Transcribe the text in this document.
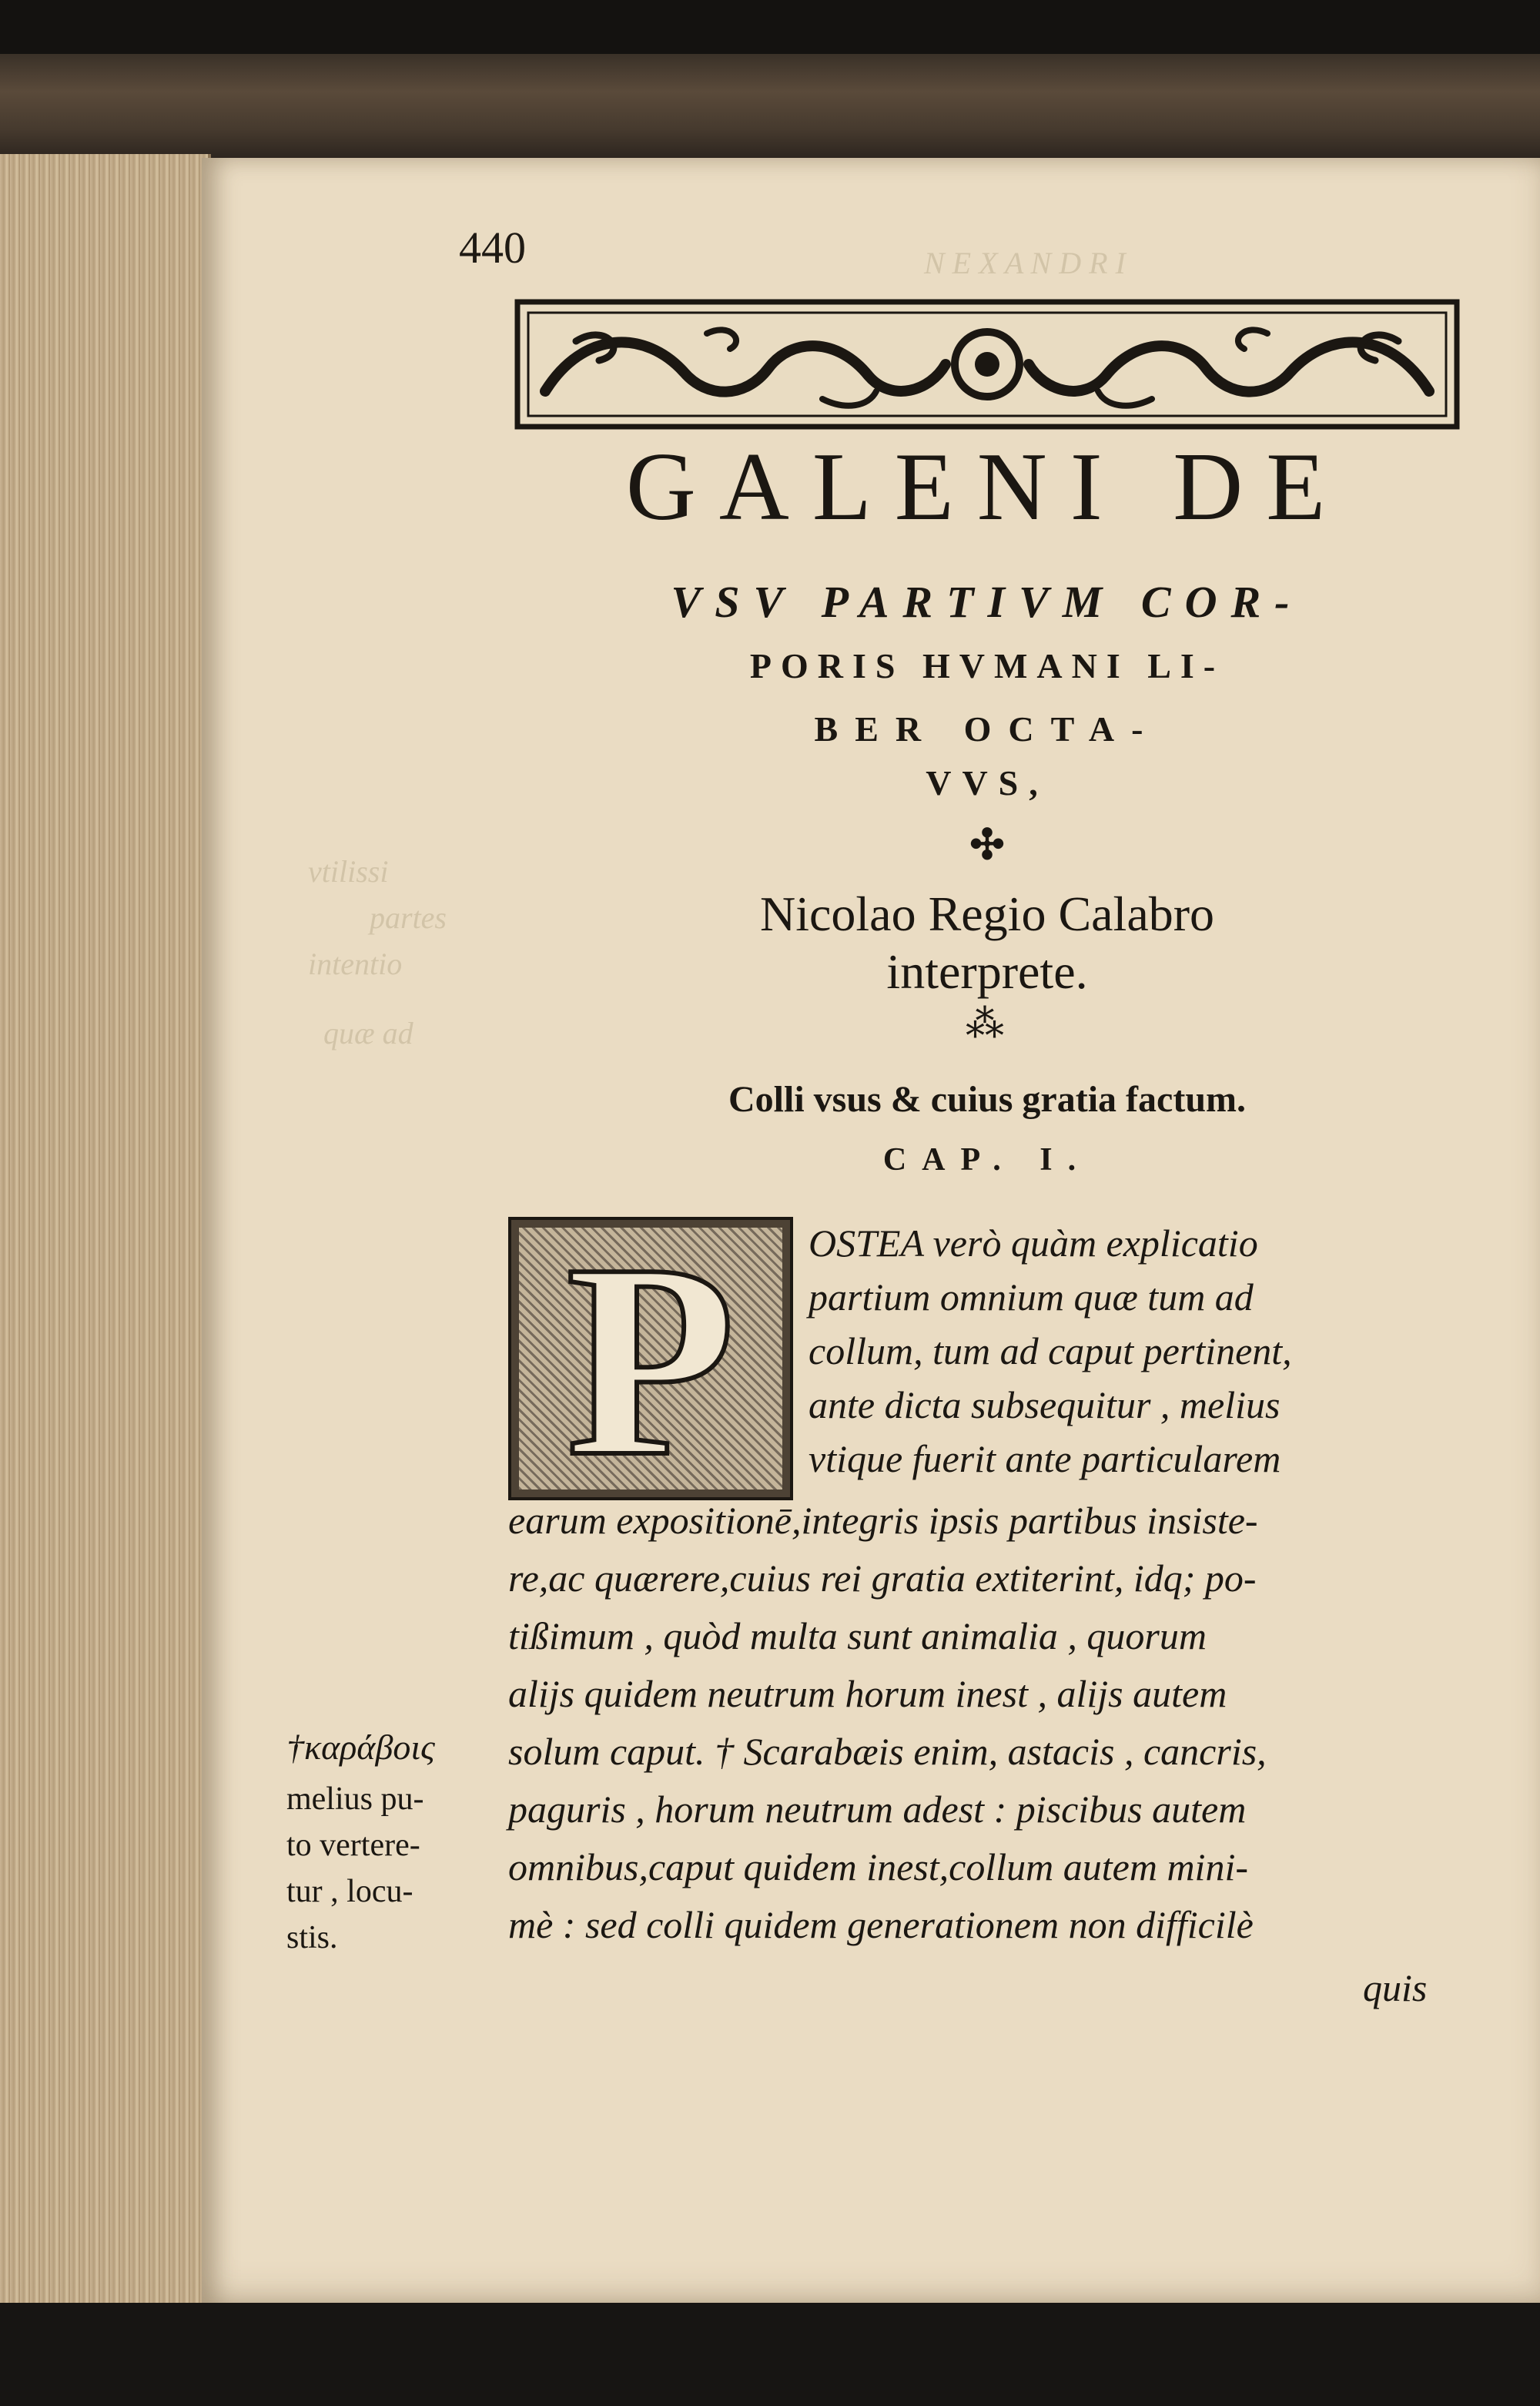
N E X A N D R I
vtilissi
partes
intentio
quæ ad
440
GALENI DE
VSV PARTIVM COR-
PORIS HVMANI LI-
BER OCTA-
VVS,
✣
Nicolao Regio Calabro
interprete.
⁂
Colli vsus & cuius gratia factum.
CAP. I.
P	OSTEA verò quàm explicatio
partium omnium quæ tum ad
collum, tum ad caput pertinent,
ante dicta subsequitur , melius
vtique fuerit ante particularem
earum expositionē,integris ipsis partibus insiste-
re,ac quærere,cuius rei gratia extiterint, idq; po-
tißimum , quòd multa sunt animalia , quorum
alijs quidem neutrum horum inest , alijs autem
solum caput. † Scarabæis enim, astacis , cancris,
paguris , horum neutrum adest : piscibus autem
omnibus,caput quidem inest,collum autem mini-
mè : sed colli quidem generationem non difficilè
quis
†καράβοις
melius pu-
to vertere-
tur , locu-
stis.
